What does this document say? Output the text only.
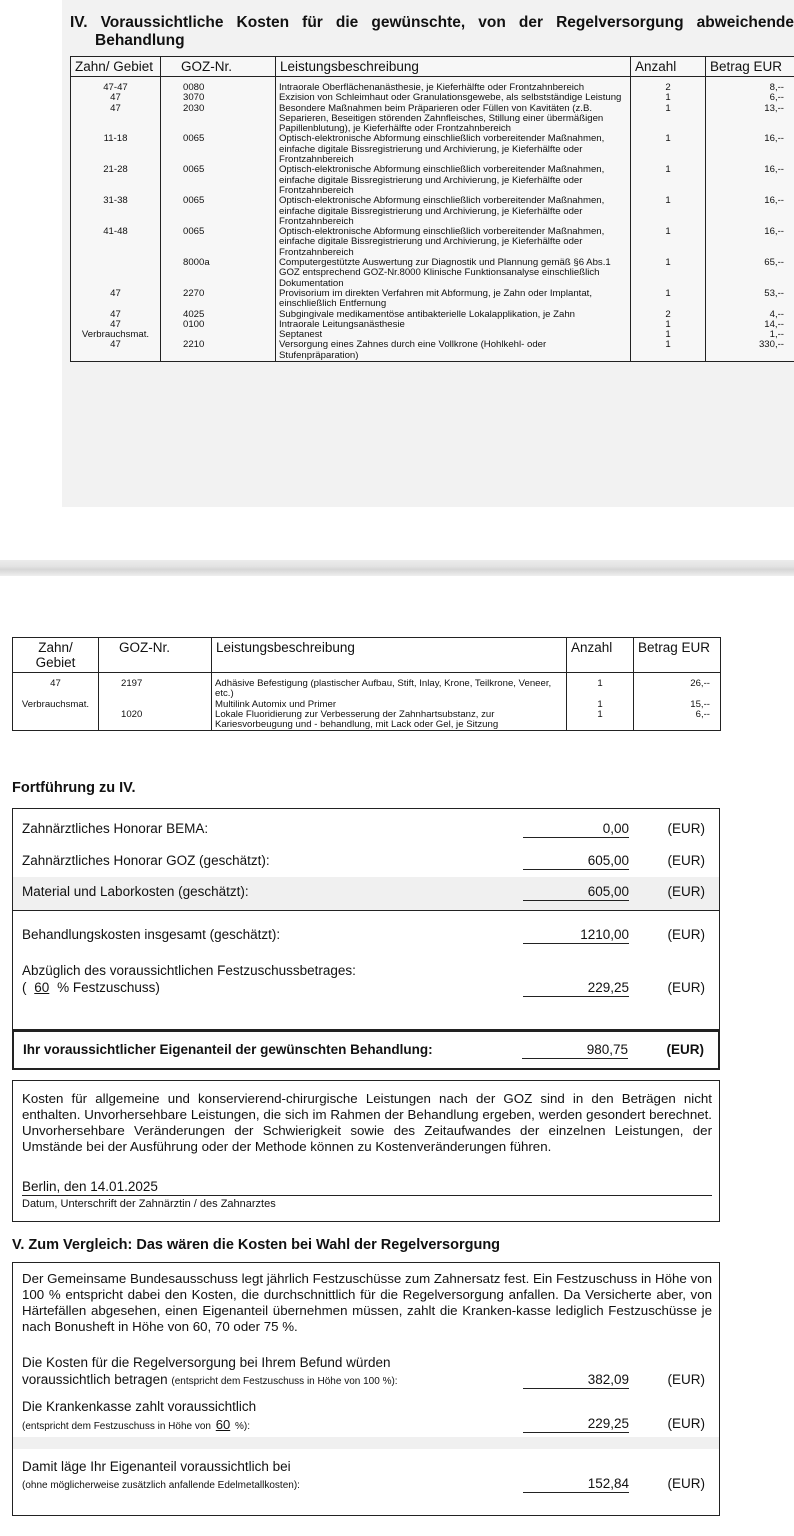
IV. Voraussichtliche Kosten für die gewünschte, von der Regelversorgung abweichende
Behandlung
Zahn/ Gebiet	GOZ-Nr.	Leistungsbeschreibung	Anzahl	Betrag EUR
47-47	0080	Intraorale Oberflächenanästhesie, je Kieferhälfte oder Frontzahnbereich	2	8,--
47	3070	Exzision von Schleimhaut oder Granulationsgewebe, als selbstständige Leistung	1	6,--
47	2030	Besondere Maßnahmen beim Präparieren oder Füllen von Kavitäten (z.B. Separieren, Beseitigen störenden Zahnfleisches, Stillung einer übermäßigen Papillenblutung), je Kieferhälfte oder Frontzahnbereich	1	13,--
11-18	0065	Optisch-elektronische Abformung einschließlich vorbereitender Maßnahmen, einfache digitale Bissregistrierung und Archivierung, je Kieferhälfte oder Frontzahnbereich	1	16,--
21-28	0065	Optisch-elektronische Abformung einschließlich vorbereitender Maßnahmen, einfache digitale Bissregistrierung und Archivierung, je Kieferhälfte oder Frontzahnbereich	1	16,--
31-38	0065	Optisch-elektronische Abformung einschließlich vorbereitender Maßnahmen, einfache digitale Bissregistrierung und Archivierung, je Kieferhälfte oder Frontzahnbereich	1	16,--
41-48	0065	Optisch-elektronische Abformung einschließlich vorbereitender Maßnahmen, einfache digitale Bissregistrierung und Archivierung, je Kieferhälfte oder Frontzahnbereich	1	16,--
	8000a	Computergestützte Auswertung zur Diagnostik und Plannung gemäß §6 Abs.1 GOZ entsprechend GOZ-Nr.8000 Klinische Funktionsanalyse einschließlich Dokumentation	1	65,--
47	2270	Provisorium im direkten Verfahren mit Abformung, je Zahn oder Implantat, einschließlich Entfernung	1	53,--
47	4025	Subgingivale medikamentöse antibakterielle Lokalapplikation, je Zahn	2	4,--
47	0100	Intraorale Leitungsanästhesie	1	14,--
Verbrauchsmat.		Septanest	1	1,--
47	2210	Versorgung eines Zahnes durch eine Vollkrone (Hohlkehl- oder Stufenpräparation)	1	330,--
Zahn/ Gebiet	GOZ-Nr.	Leistungsbeschreibung	Anzahl	Betrag EUR
47	2197	Adhäsive Befestigung (plastischer Aufbau, Stift, Inlay, Krone, Teilkrone, Veneer, etc.)	1	26,--
Verbrauchsmat.		Multilink Automix und Primer	1	15,--
	1020	Lokale Fluoridierung zur Verbesserung der Zahnhartsubstanz, zur Kariesvorbeugung und - behandlung, mit Lack oder Gel, je Sitzung	1	6,--
Fortführung zu IV.
Zahnärztliches Honorar BEMA:	0,00	(EUR)
Zahnärztliches Honorar GOZ (geschätzt):	605,00	(EUR)
Material und Laborkosten (geschätzt):	605,00	(EUR)
Behandlungskosten insgesamt (geschätzt):	1210,00	(EUR)
Abzüglich des voraussichtlichen Festzuschussbetrages:
( 60 % Festzuschuss)	229,25	(EUR)
Ihr voraussichtlicher Eigenanteil der gewünschten Behandlung:	980,75	(EUR)
Kosten für allgemeine und konservierend-chirurgische Leistungen nach der GOZ sind in den Beträgen nicht enthalten. Unvorhersehbare Leistungen, die sich im Rahmen der Behandlung ergeben, werden gesondert berechnet. Unvorhersehbare Veränderungen der Schwierigkeit sowie des Zeitaufwandes der einzelnen Leistungen, der Umstände bei der Ausführung oder der Methode können zu Kostenveränderungen führen.
Berlin, den 14.01.2025
Datum, Unterschrift der Zahnärztin / des Zahnarztes
V. Zum Vergleich: Das wären die Kosten bei Wahl der Regelversorgung
Der Gemeinsame Bundesausschuss legt jährlich Festzuschüsse zum Zahnersatz fest. Ein Festzuschuss in Höhe von 100 % entspricht dabei den Kosten, die durchschnittlich für die Regelversorgung anfallen. Da Versicherte aber, von Härtefällen abgesehen, einen Eigenanteil übernehmen müssen, zahlt die Kranken-kasse lediglich Festzuschüsse je nach Bonusheft in Höhe von 60, 70 oder 75 %.
Die Kosten für die Regelversorgung bei Ihrem Befund würden
voraussichtlich betragen (entspricht dem Festzuschuss in Höhe von 100 %):	382,09	(EUR)
Die Krankenkasse zahlt voraussichtlich
(entspricht dem Festzuschuss in Höhe von 60 %):	229,25	(EUR)
Damit läge Ihr Eigenanteil voraussichtlich bei
(ohne möglicherweise zusätzlich anfallende Edelmetallkosten):	152,84	(EUR)
